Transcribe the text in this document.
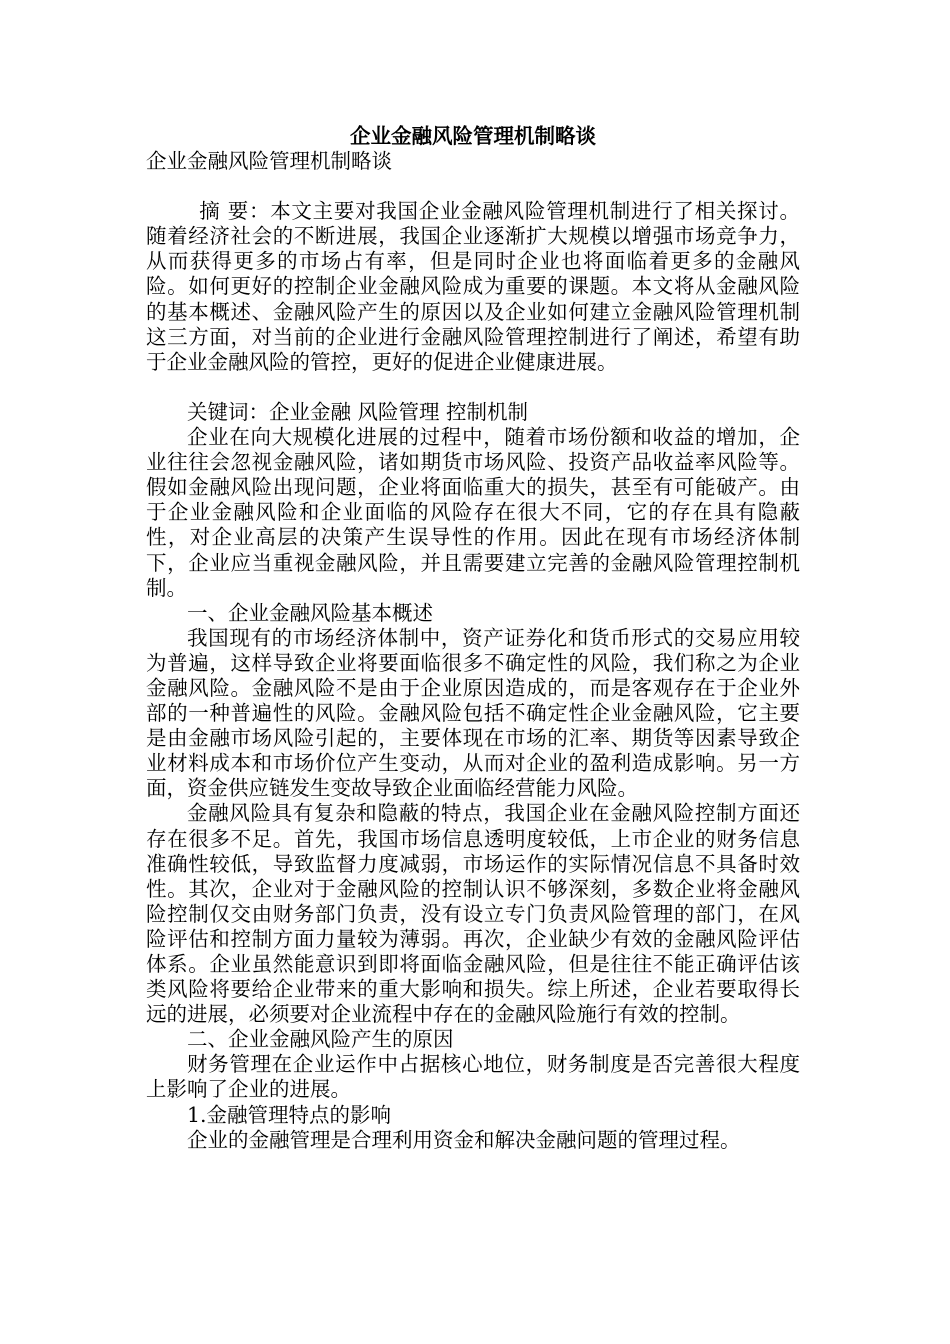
企业金融风险管理机制略谈

企业金融风险管理机制略谈

摘 要：本文主要对我国企业金融风险管理机制进行了相关探讨。随着经济社会的不断进展，我国企业逐渐扩大规模以增强市场竞争力，从而获得更多的市场占有率，但是同时企业也将面临着更多的金融风险。如何更好的控制企业金融风险成为重要的课题。本文将从金融风险的基本概述、金融风险产生的原因以及企业如何建立金融风险管理机制这三方面，对当前的企业进行金融风险管理控制进行了阐述，希望有助于企业金融风险的管控，更好的促进企业健康进展。

关键词：企业金融 风险管理 控制机制

企业在向大规模化进展的过程中，随着市场份额和收益的增加，企业往往会忽视金融风险，诸如期货市场风险、投资产品收益率风险等。假如金融风险出现问题，企业将面临重大的损失，甚至有可能破产。由于企业金融风险和企业面临的风险存在很大不同，它的存在具有隐蔽性，对企业高层的决策产生误导性的作用。因此在现有市场经济体制下，企业应当重视金融风险，并且需要建立完善的金融风险管理控制机制。

一、企业金融风险基本概述

我国现有的市场经济体制中，资产证券化和货币形式的交易应用较为普遍，这样导致企业将要面临很多不确定性的风险，我们称之为企业金融风险。金融风险不是由于企业原因造成的，而是客观存在于企业外部的一种普遍性的风险。金融风险包括不确定性企业金融风险，它主要是由金融市场风险引起的，主要体现在市场的汇率、期货等因素导致企业材料成本和市场价位产生变动，从而对企业的盈利造成影响。另一方面，资金供应链发生变故导致企业面临经营能力风险。

金融风险具有复杂和隐蔽的特点，我国企业在金融风险控制方面还存在很多不足。首先，我国市场信息透明度较低，上市企业的财务信息准确性较低，导致监督力度减弱，市场运作的实际情况信息不具备时效性。其次，企业对于金融风险的控制认识不够深刻，多数企业将金融风险控制仅交由财务部门负责，没有设立专门负责风险管理的部门，在风险评估和控制方面力量较为薄弱。再次，企业缺少有效的金融风险评估体系。企业虽然能意识到即将面临金融风险，但是往往不能正确评估该类风险将要给企业带来的重大影响和损失。综上所述，企业若要取得长远的进展，必须要对企业流程中存在的金融风险施行有效的控制。

二、企业金融风险产生的原因

财务管理在企业运作中占据核心地位，财务制度是否完善很大程度上影响了企业的进展。

1.金融管理特点的影响

企业的金融管理是合理利用资金和解决金融问题的管理过程。
